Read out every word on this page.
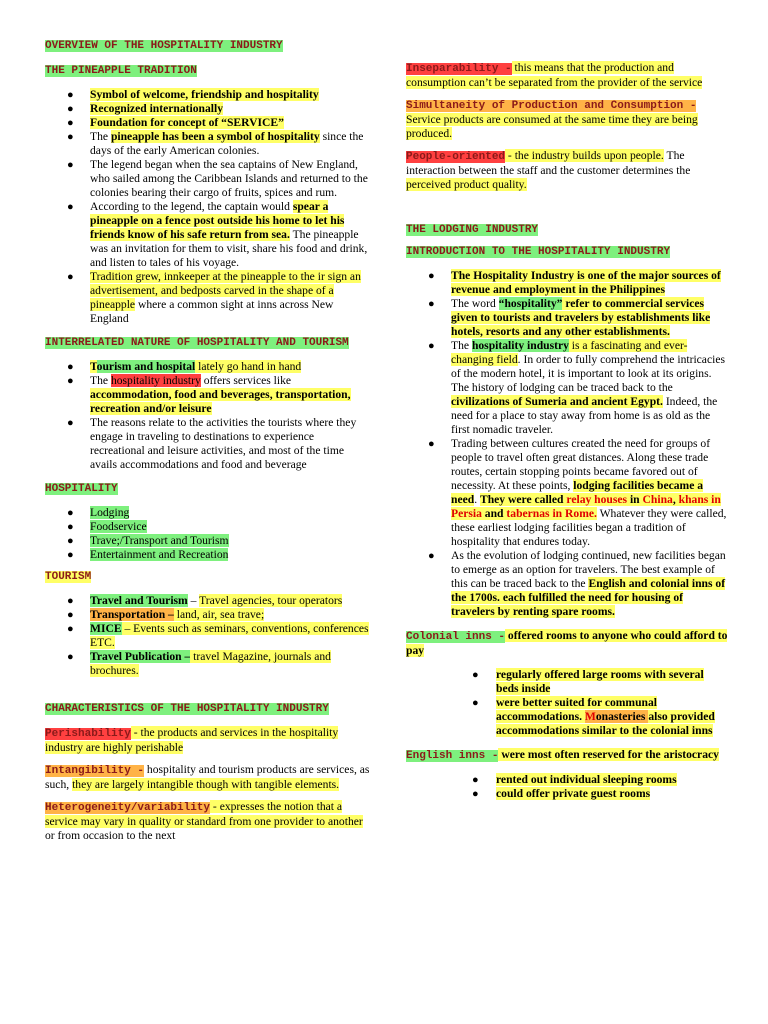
OVERVIEW OF THE HOSPITALITY INDUSTRY
THE PINEAPPLE TRADITION
● Symbol of welcome, friendship and hospitality
● Recognized internationally
● Foundation for concept of “SERVICE”
● The pineapple has been a symbol of hospitality since the days of the early American colonies.
● The legend began when the sea captains of New England, who sailed among the Caribbean Islands and returned to the colonies bearing their cargo of fruits, spices and rum.
● According to the legend, the captain would spear a pineapple on a fence post outside his home to let his friends know of his safe return from sea. The pineapple was an invitation for them to visit, share his food and drink, and listen to tales of his voyage.
● Tradition grew, innkeeper at the pineapple to the ir sign an advertisement, and bedposts carved in the shape of a pineapple where a common sight at inns across New England
INTERRELATED NATURE OF HOSPITALITY AND TOURISM
● Tourism and hospital lately go hand in hand
● The hospitality industry offers services like accommodation, food and beverages, transportation, recreation and/or leisure
● The reasons relate to the activities the tourists where they engage in traveling to destinations to experience recreational and leisure activities, and most of the time avails accommodations and food and beverage
HOSPITALITY
● Lodging
● Foodservice
● Trave;/Transport and Tourism
● Entertainment and Recreation
TOURISM
● Travel and Tourism – Travel agencies, tour operators
● Transportation – land, air, sea trave;
● MICE – Events such as seminars, conventions, conferences ETC.
● Travel Publication – travel Magazine, journals and brochures.
CHARACTERISTICS OF THE HOSPITALITY INDUSTRY

Perishability - the products and services in the hospitality industry are highly perishable

Intangibility - hospitality and tourism products are services, as such, they are largely intangible though with tangible elements.

Heterogeneity/variability - expresses the notion that a service may vary in quality or standard from one provider to another or from occasion to the next

Inseparability - this means that the production and consumption can’t be separated from the provider of the service

Simultaneity of Production and Consumption -
Service products are consumed at the same time they are being produced.

People-oriented - the industry builds upon people. The interaction between the staff and the customer determines the perceived product quality.

THE LODGING INDUSTRY
INTRODUCTION TO THE HOSPITALITY INDUSTRY
● The Hospitality Industry is one of the major sources of revenue and employment in the Philippines
● The word “hospitality” refer to commercial services given to tourists and travelers by establishments like hotels, resorts and any other establishments.
● The hospitality industry is a fascinating and ever-changing field. In order to fully comprehend the intricacies of the modern hotel, it is important to look at its origins. The history of lodging can be traced back to the civilizations of Sumeria and ancient Egypt. Indeed, the need for a place to stay away from home is as old as the first nomadic traveler.
● Trading between cultures created the need for groups of people to travel often great distances. Along these trade routes, certain stopping points became favored out of necessity. At these points, lodging facilities became a need. They were called relay houses in China, khans in Persia and tabernas in Rome. Whatever they were called, these earliest lodging facilities began a tradition of hospitality that endures today.
● As the evolution of lodging continued, new facilities began to emerge as an option for travelers. The best example of this can be traced back to the English and colonial inns of the 1700s. each fulfilled the need for housing of travelers by renting spare rooms.

Colonial inns - offered rooms to anyone who could afford to pay

● regularly offered large rooms with several beds inside
● were better suited for communal accommodations. Monasteries also provided accommodations similar to the colonial inns

English inns - were most often reserved for the aristocracy

● rented out individual sleeping rooms
● could offer private guest rooms
